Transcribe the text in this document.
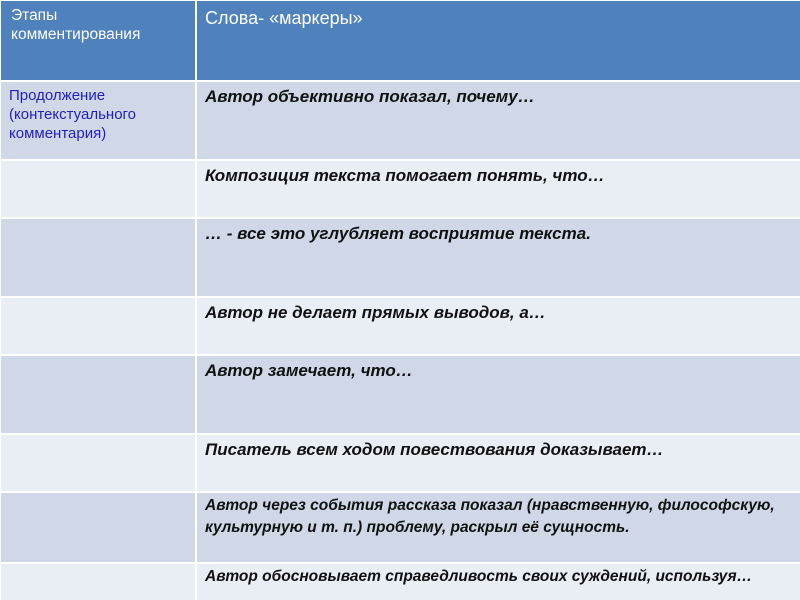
Этапы комментирования	Слова- «маркеры»

Продолжение (контекстуального комментария)	Автор объективно показал, почему…

	Композиция текста помогает понять, что…

	… - все это углубляет восприятие текста.

	Автор не делает прямых выводов, а…

	Автор замечает, что…

	Писатель всем ходом повествования доказывает…

	Автор через события рассказа показал (нравственную, философскую, культурную и т. п.) проблему, раскрыл её сущность.

	Автор обосновывает справедливость своих суждений, используя…
